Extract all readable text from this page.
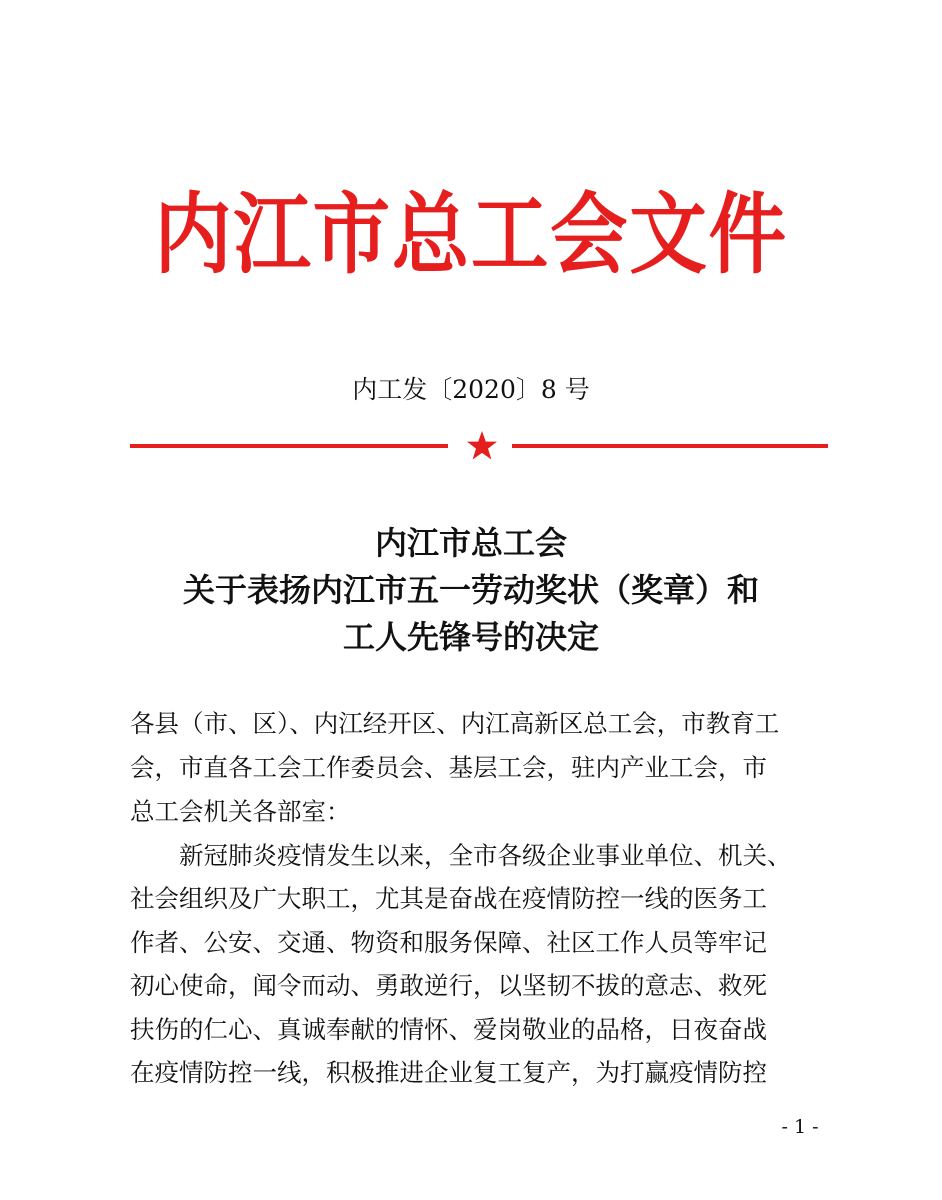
内江市总工会文件
内工发〔2020〕8 号
内江市总工会
关于表扬内江市五一劳动奖状（奖章）和
工人先锋号的决定
各县（市、区）、内江经开区、内江高新区总工会，市教育工
会，市直各工会工作委员会、基层工会，驻内产业工会，市
总工会机关各部室：
　　新冠肺炎疫情发生以来，全市各级企业事业单位、机关、
社会组织及广大职工，尤其是奋战在疫情防控一线的医务工
作者、公安、交通、物资和服务保障、社区工作人员等牢记
初心使命，闻令而动、勇敢逆行，以坚韧不拔的意志、救死
扶伤的仁心、真诚奉献的情怀、爱岗敬业的品格，日夜奋战
在疫情防控一线，积极推进企业复工复产，为打赢疫情防控
- 1 -
